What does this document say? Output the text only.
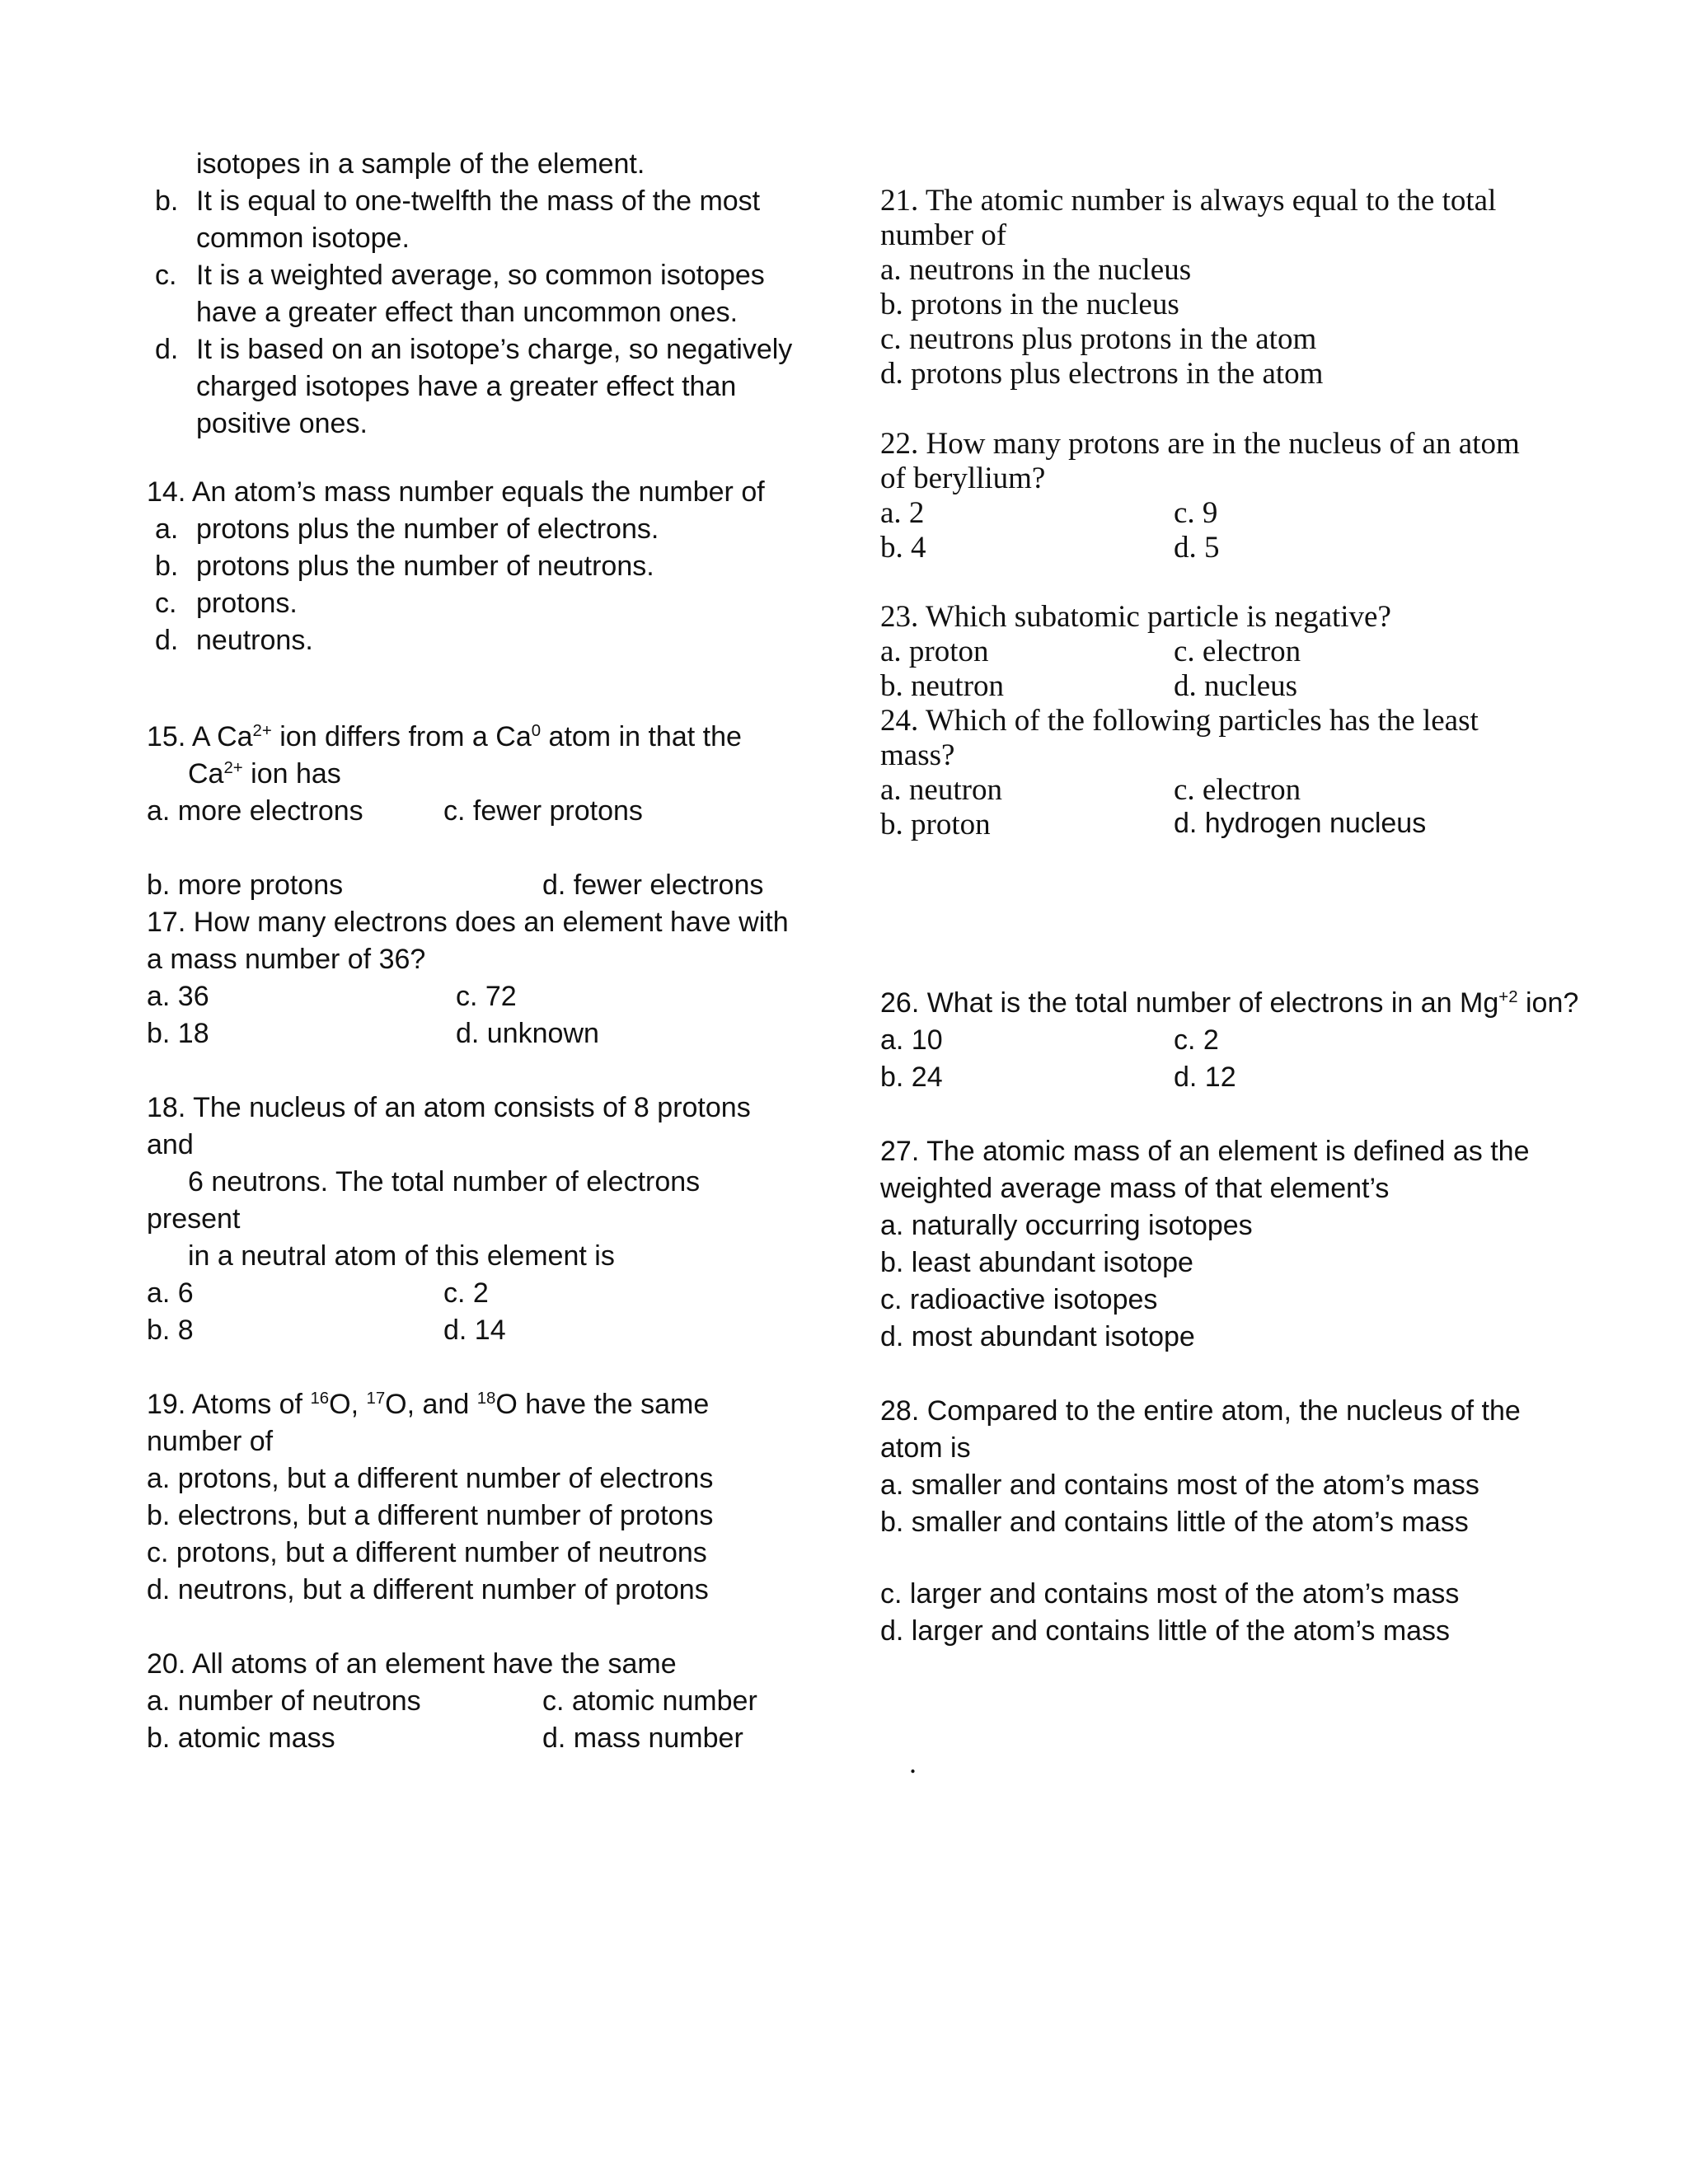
isotopes in a sample of the element.
b. It is equal to one-twelfth the mass of the most
common isotope.
c. It is a weighted average, so common isotopes
have a greater effect than uncommon ones.
d. It is based on an isotope’s charge, so negatively
charged isotopes have a greater effect than
positive ones.
14. An atom’s mass number equals the number of
a. protons plus the number of electrons.
b. protons plus the number of neutrons.
c. protons.
d. neutrons.
15. A $Ca^{2+}$ ion differs from a Ca$^0$ atom in that the
$Ca^{2+}$ ion has
a. more electrons	c. fewer protons
b. more protons	d. fewer electrons
17. How many electrons does an element have with
a mass number of 36?
a. 36	c. 72
b. 18	d. unknown
18. The nucleus of an atom consists of 8 protons
and
6 neutrons. The total number of electrons
present
in a neutral atom of this element is
a. 6	c. 2
b. 8	d. 14
19. Atoms of $^{16}$O, $^{17}$O, and $^{18}$O have the same
number of
a. protons, but a different number of electrons
b. electrons, but a different number of protons
c. protons, but a different number of neutrons
d. neutrons, but a different number of protons
20. All atoms of an element have the same
a. number of neutrons	c. atomic number
b. atomic mass	d. mass number
21. The atomic number is always equal to the total
number of
a. neutrons in the nucleus
b. protons in the nucleus
c. neutrons plus protons in the atom
d. protons plus electrons in the atom
22. How many protons are in the nucleus of an atom
of beryllium?
a. 2	c. 9
b. 4	d. 5
23. Which subatomic particle is negative?
a. proton	c. electron
b. neutron	d. nucleus
24. Which of the following particles has the least
mass?
a. neutron	c. electron
b. proton	d. hydrogen nucleus
26. What is the total number of electrons in an $Mg^{+2}$ ion?
a. 10	c. 2
b. 24	d. 12
27. The atomic mass of an element is defined as the
weighted average mass of that element’s
a. naturally occurring isotopes
b. least abundant isotope
c. radioactive isotopes
d. most abundant isotope
28. Compared to the entire atom, the nucleus of the
atom is
a. smaller and contains most of the atom’s mass
b. smaller and contains little of the atom’s mass
c. larger and contains most of the atom’s mass
d. larger and contains little of the atom’s mass
.
